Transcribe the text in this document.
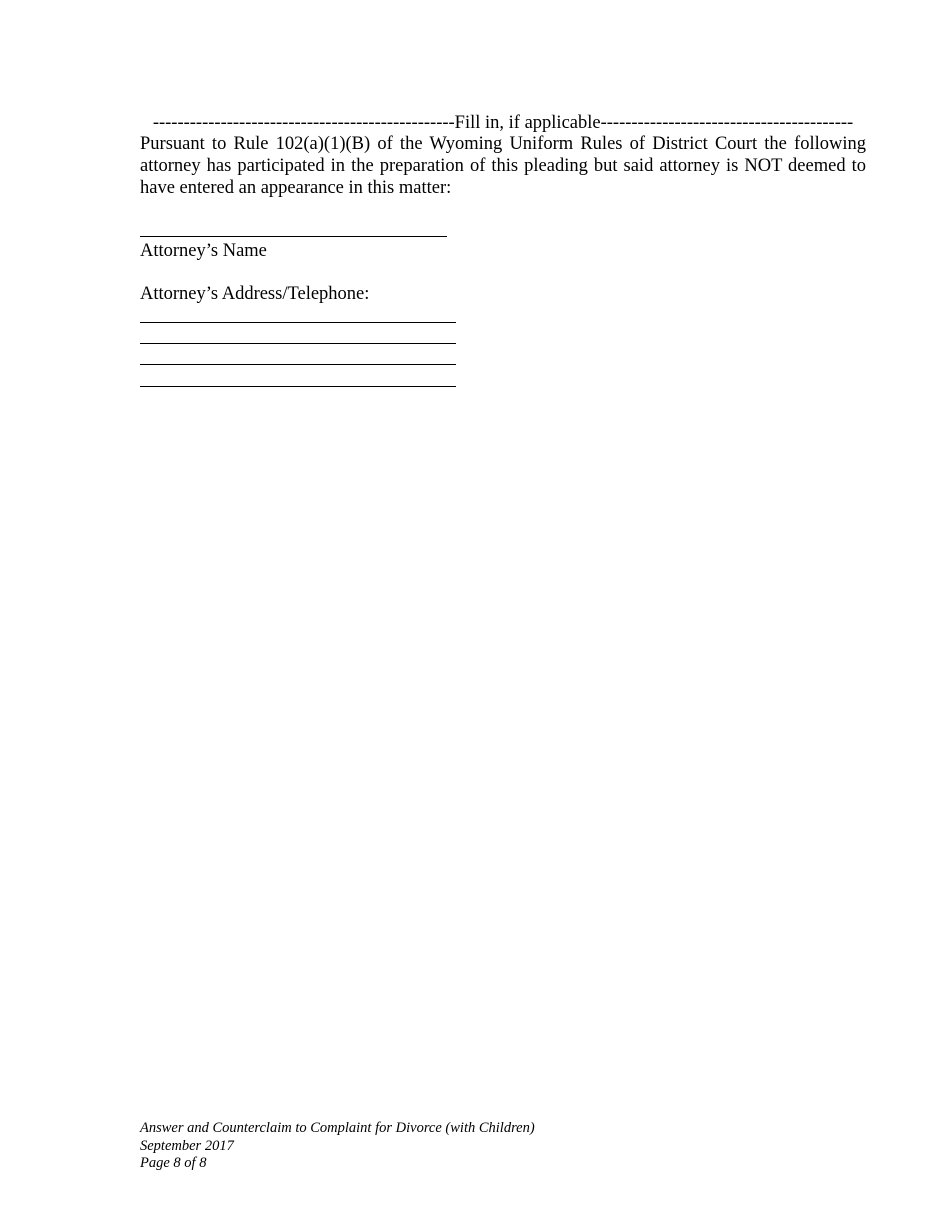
-------------------------------------------------Fill in, if applicable-----------------------------------------
Pursuant to Rule 102(a)(1)(B) of the Wyoming Uniform Rules of District Court the following attorney has participated in the preparation of this pleading but said attorney is NOT deemed to have entered an appearance in this matter:
Attorney’s Name
Attorney’s Address/Telephone:
Answer and Counterclaim to Complaint for Divorce (with Children)
September 2017
Page 8 of 8
